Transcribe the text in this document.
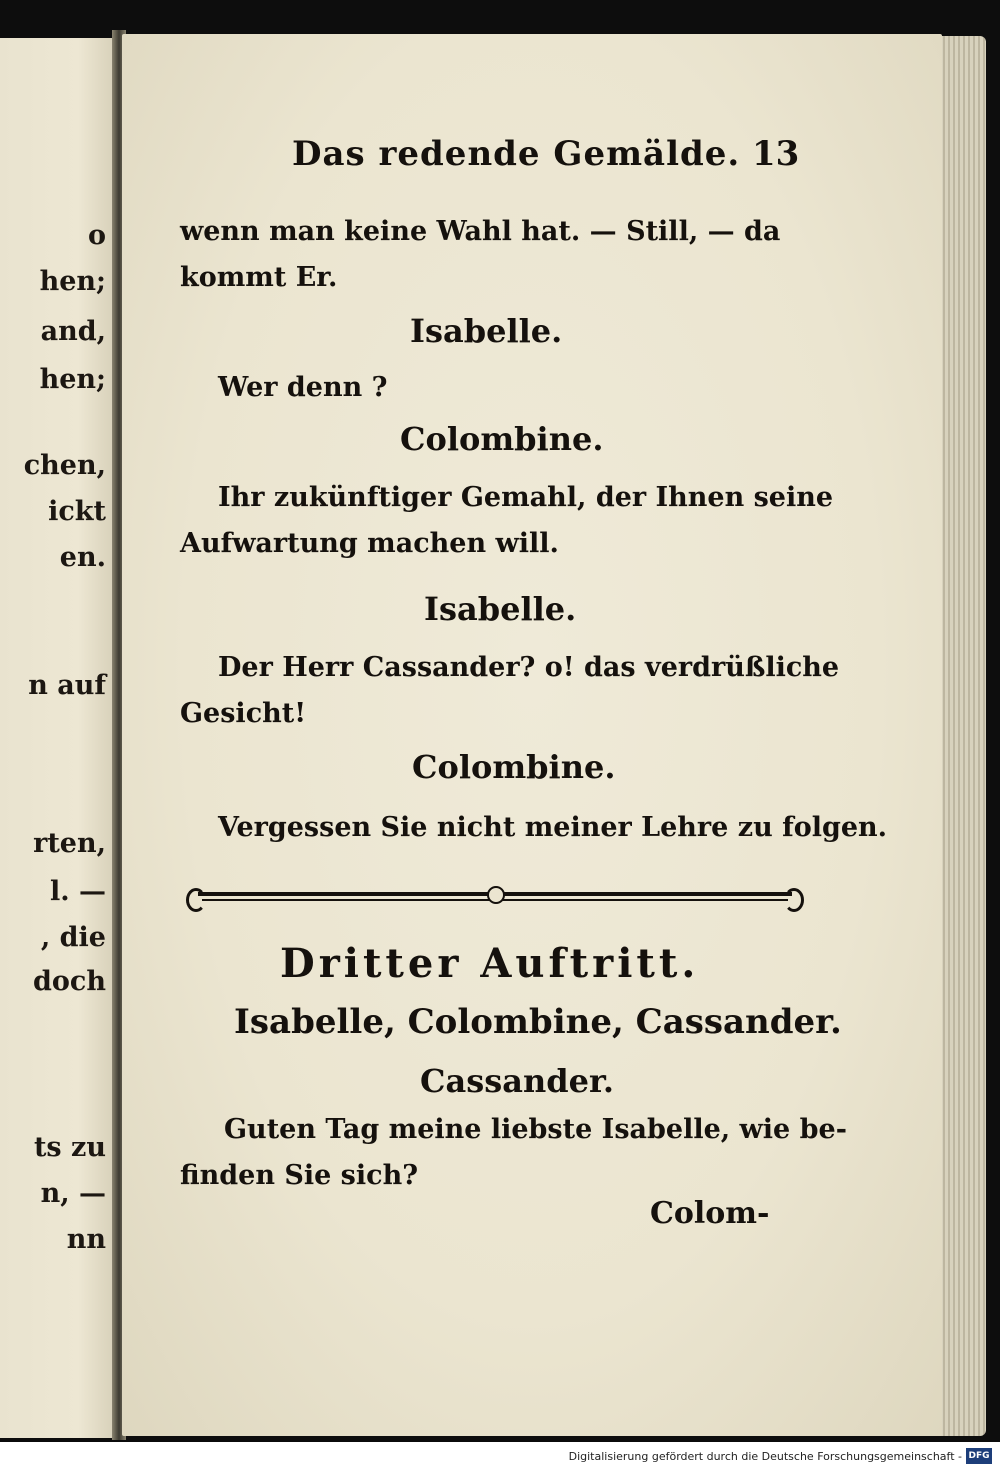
o
hen;
and,
hen;
chen,
ickt
en.
n auf
rten,
l. —
, die
doch
ts zu
n, —
nn
Das redende Gemälde. 13
wenn man keine Wahl hat. — Still, — da
kommt Er.
Isabelle.
Wer denn ?
Colombine.
Ihr zukünftiger Gemahl, der Ihnen seine
Aufwartung machen will.
Isabelle.
Der Herr Cassander? o! das verdrüßliche
Gesicht!
Colombine.
Vergessen Sie nicht meiner Lehre zu folgen.
Dritter Auftritt.
Isabelle, Colombine, Cassander.
Cassander.
Guten Tag meine liebste Isabelle, wie be-
finden Sie sich?
Colom-
Digitalisierung gefördert durch die Deutsche Forschungsgemeinschaft - DFG
